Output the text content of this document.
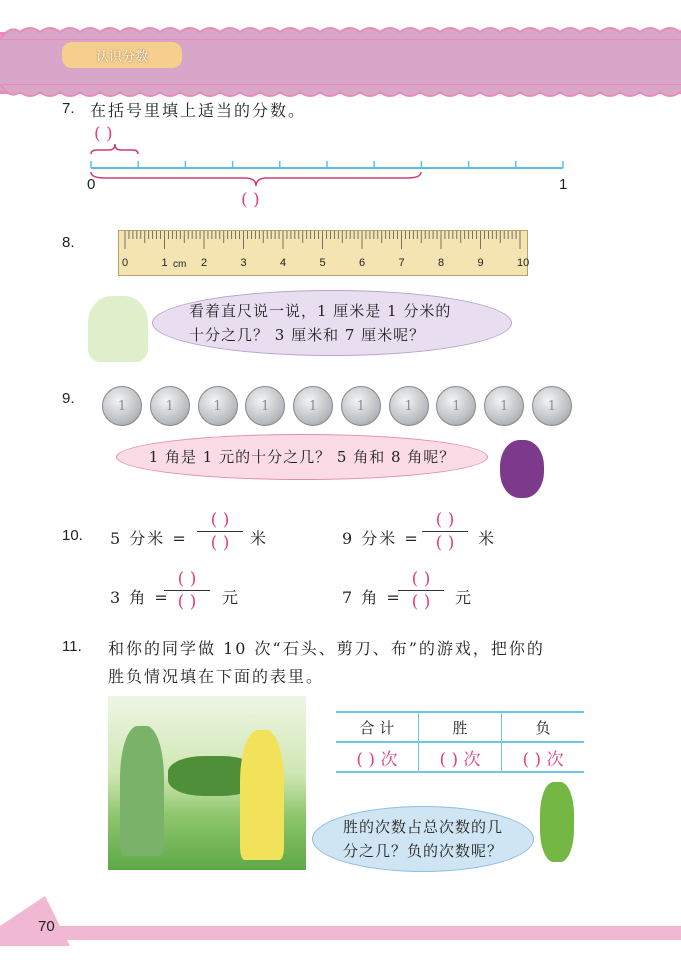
认识分数
7. 在括号里填上适当的分数。
( )
0	1
( )
8.
0	1	2	3	4	5	6	7	8	9	10
cm
看着直尺说一说，1 厘米是 1 分米的
十分之几？ 3 厘米和 7 厘米呢？
9.	1	1	1	1	1	1	1	1	1	1
1 角是 1 元的十分之几？ 5 角和 8 角呢？
10. 5 分米 =
( )
( ) 米	9 分米 =
( )
( ) 米
3 角 =
( )
( ) 元	7 角 =
( )
( ) 元
11. 和你的同学做 10 次“石头、剪刀、布”的游戏，把你的
胜负情况填在下面的表里。
合 计	胜	负
( ) 次	( ) 次	( ) 次
胜的次数占总次数的几
分之几？负的次数呢？
70
